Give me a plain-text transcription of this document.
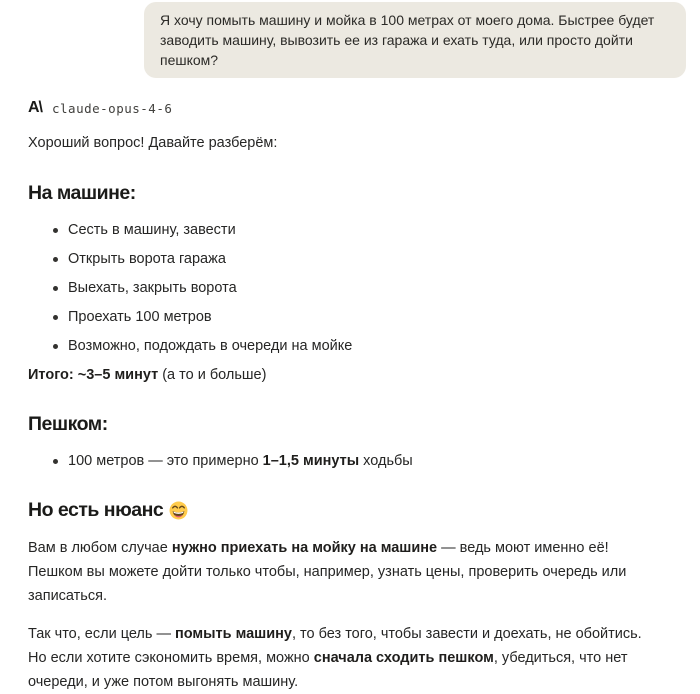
Я хочу помыть машину и мойка в 100 метрах от моего дома. Быстрее будет заводить машину, вывозить ее из гаража и ехать туда, или просто дойти пешком?
A\ claude-opus-4-6

Хороший вопрос! Давайте разберём:

На машине:
Сесть в машину, завести
Открыть ворота гаража
Выехать, закрыть ворота
Проехать 100 метров
Возможно, подождать в очереди на мойке

Итого: ~3–5 минут (а то и больше)

Пешком:
100 метров — это примерно 1–1,5 минуты ходьбы
Но есть нюанс

Вам в любом случае нужно приехать на мойку на машине — ведь моют именно её! Пешком вы можете дойти только чтобы, например, узнать цены, проверить очередь или записаться.

Так что, если цель — помыть машину, то без того, чтобы завести и доехать, не обойтись. Но если хотите сэкономить время, можно сначала сходить пешком, убедиться, что нет очереди, и уже потом выгонять машину.
